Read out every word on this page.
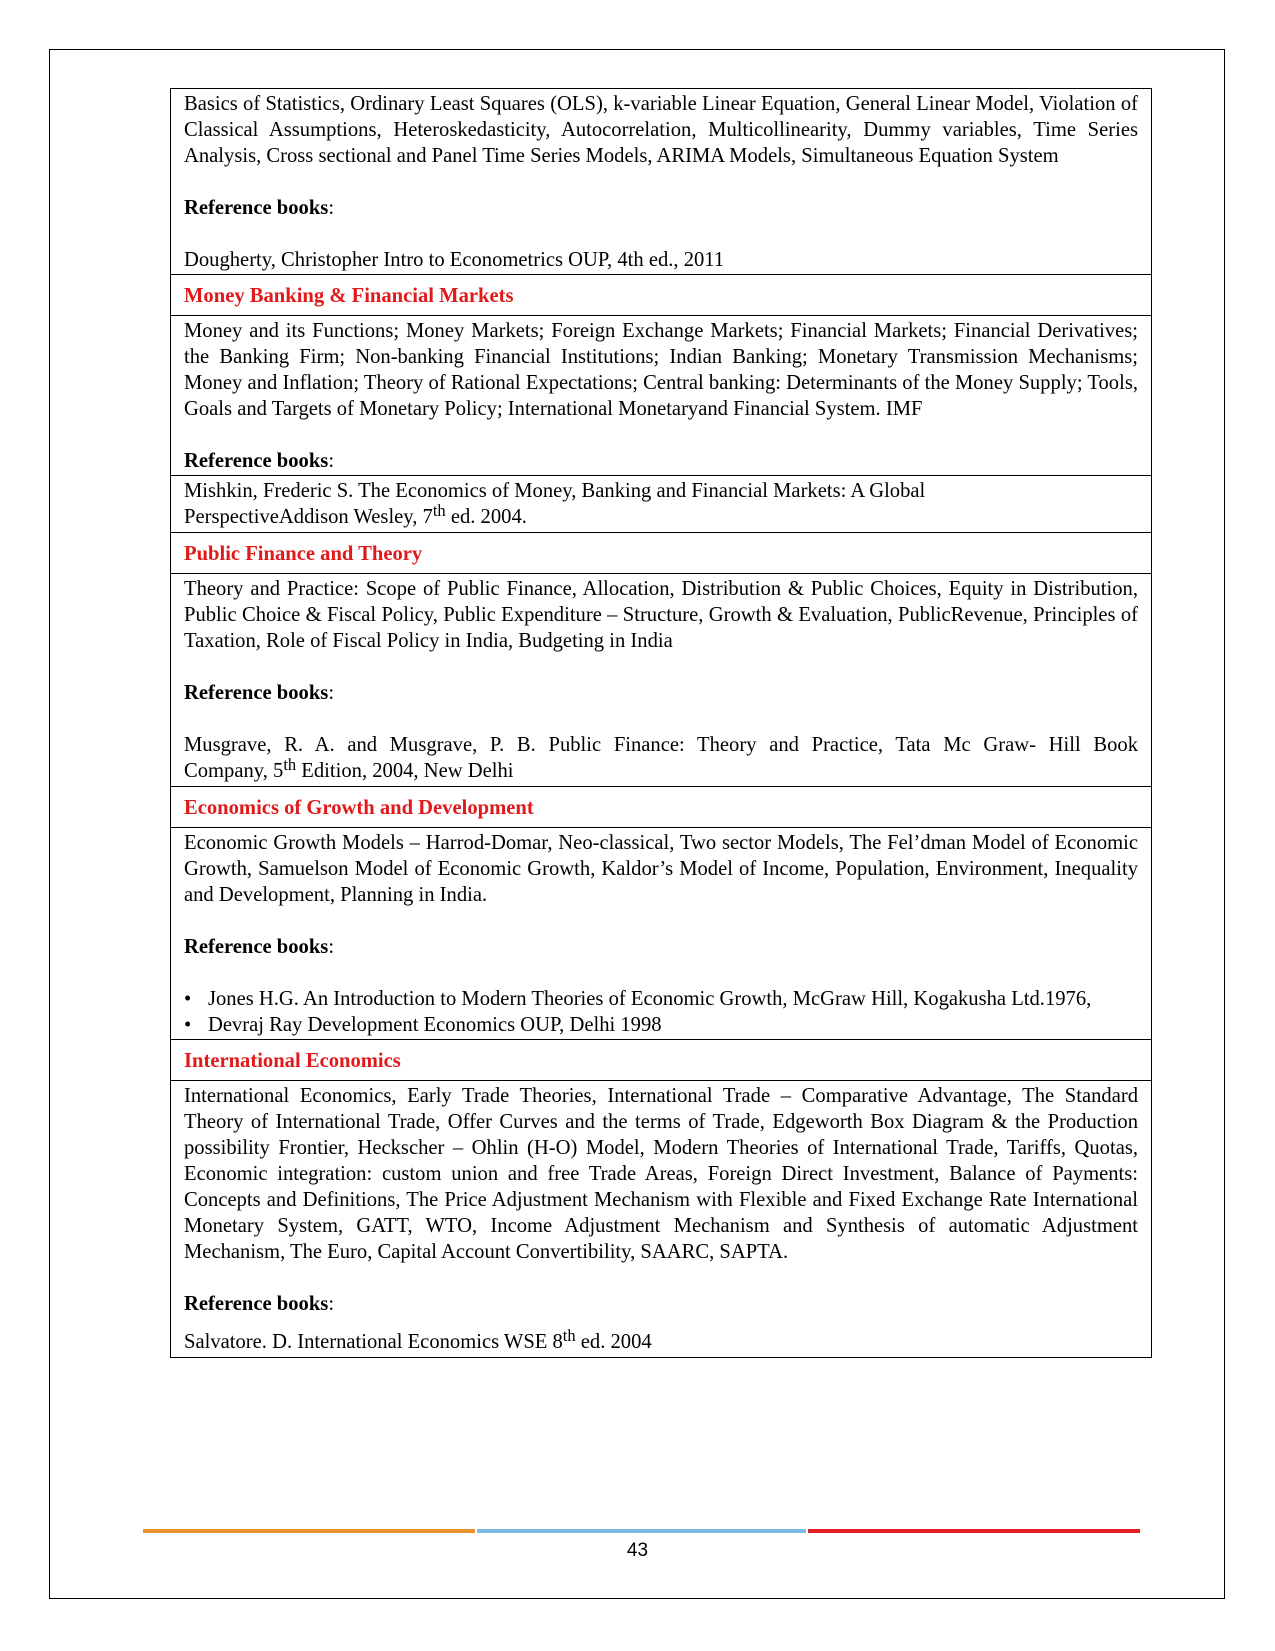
Basics of Statistics, Ordinary Least Squares (OLS), k-variable Linear Equation, General Linear Model, Violation of Classical Assumptions, Heteroskedasticity, Autocorrelation, Multicollinearity, Dummy variables, Time Series Analysis, Cross sectional and Panel Time Series Models, ARIMA Models, Simultaneous Equation System

Reference books:

Dougherty, Christopher Intro to Econometrics OUP, 4th ed., 2011

Money Banking & Financial Markets

Money and its Functions; Money Markets; Foreign Exchange Markets; Financial Markets; Financial Derivatives; the Banking Firm; Non-banking Financial Institutions; Indian Banking; Monetary Transmission Mechanisms; Money and Inflation; Theory of Rational Expectations; Central banking: Determinants of the Money Supply; Tools, Goals and Targets of Monetary Policy; International Monetaryand Financial System. IMF

Reference books:

Mishkin, Frederic S. The Economics of Money, Banking and Financial Markets: A Global

PerspectiveAddison Wesley, 7th ed. 2004.

Public Finance and Theory

Theory and Practice: Scope of Public Finance, Allocation, Distribution & Public Choices, Equity in Distribution, Public Choice & Fiscal Policy, Public Expenditure – Structure, Growth & Evaluation, PublicRevenue, Principles of Taxation, Role of Fiscal Policy in India, Budgeting in India

Reference books:

Musgrave, R. A. and Musgrave, P. B. Public Finance: Theory and Practice, Tata Mc Graw- Hill Book

Company, 5th Edition, 2004, New Delhi

Economics of Growth and Development

Economic Growth Models – Harrod-Domar, Neo-classical, Two sector Models, The Fel’dman Model of Economic Growth, Samuelson Model of Economic Growth, Kaldor’s Model of Income, Population, Environment, Inequality and Development, Planning in India.

Reference books:

• Jones H.G. An Introduction to Modern Theories of Economic Growth, McGraw Hill, Kogakusha Ltd.1976,
• Devraj Ray Development Economics OUP, Delhi 1998

International Economics

International Economics, Early Trade Theories, International Trade – Comparative Advantage, The Standard Theory of International Trade, Offer Curves and the terms of Trade, Edgeworth Box Diagram & the Production possibility Frontier, Heckscher – Ohlin (H-O) Model, Modern Theories of International Trade, Tariffs, Quotas, Economic integration: custom union and free Trade Areas, Foreign Direct Investment, Balance of Payments: Concepts and Definitions, The Price Adjustment Mechanism with Flexible and Fixed Exchange Rate International Monetary System, GATT, WTO, Income Adjustment Mechanism and Synthesis of automatic Adjustment Mechanism, The Euro, Capital Account Convertibility, SAARC, SAPTA.

Reference books:

Salvatore. D. International Economics WSE 8th ed. 2004

43
